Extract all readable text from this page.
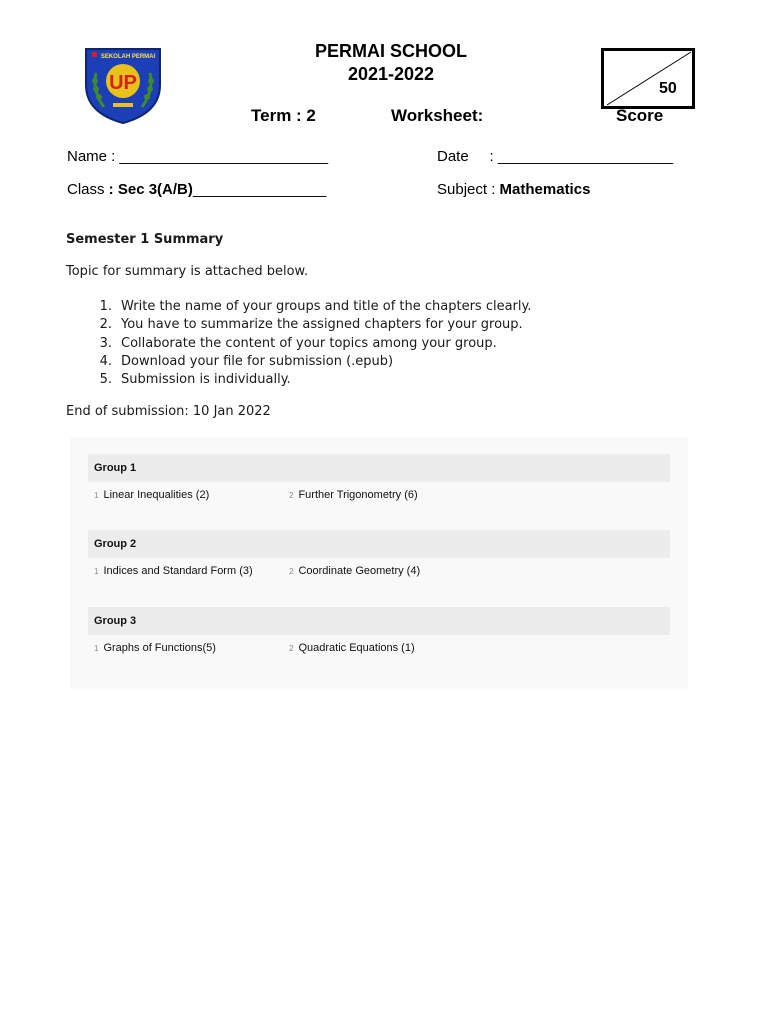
SEKOLAH PERMAI
UP
PERMAI SCHOOL
2021-2022
Term : 2	Worksheet:	Score
50
Name : _________________________	Date     : _____________________
Class : Sec 3(A/B)________________	Subject : Mathematics
Semester 1 Summary
Topic for summary is attached below.
1. Write the name of your groups and title of the chapters clearly.
2. You have to summarize the assigned chapters for your group.
3. Collaborate the content of your topics among your group.
4. Download your file for submission (.epub)
5. Submission is individually.
End of submission: 10 Jan 2022
Group 1
1 Linear Inequalities (2)	2 Further Trigonometry (6)
Group 2
1 Indices and Standard Form (3)	2 Coordinate Geometry (4)
Group 3
1 Graphs of Functions(5)	2 Quadratic Equations (1)
